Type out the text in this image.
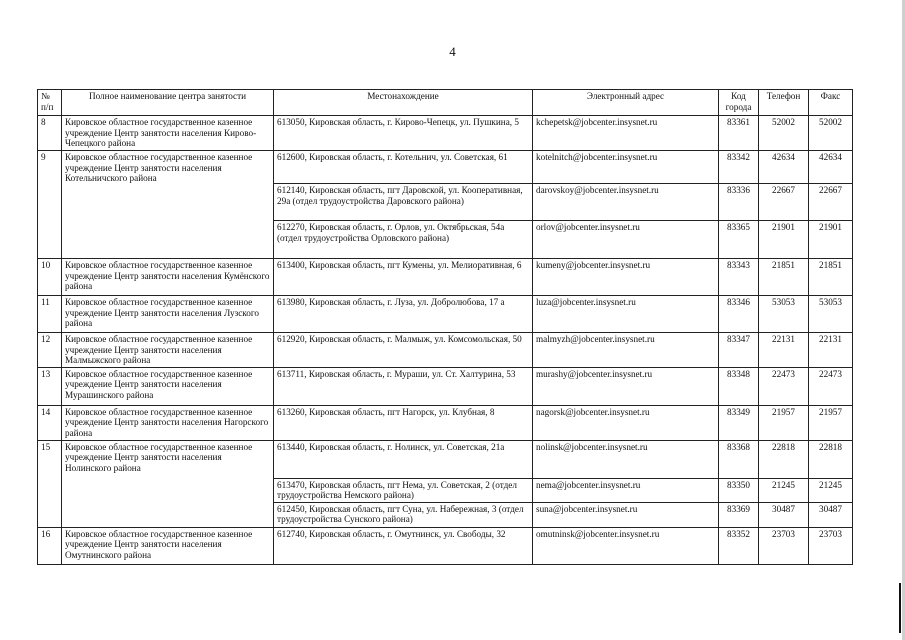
4
№ п/п	Полное наименование центра занятости	Местонахождение	Электронный адрес	Код города	Телефон	Факс
8	Кировское областное государственное казенное учреждение Центр занятости населения Кирово-Чепецкого района	613050, Кировская область, г. Кирово-Чепецк, ул. Пушкина, 5	kchepetsk@jobcenter.insysnet.ru	83361	52002	52002
9	Кировское областное государственное казенное учреждение Центр занятости населения Котельничского района	612600, Кировская область, г. Котельнич, ул. Советская, 61	kotelnitch@jobcenter.insysnet.ru	83342	42634	42634
		612140, Кировская область, пгт Даровской, ул. Кооперативная, 29а (отдел трудоустройства Даровского района)	darovskoy@jobcenter.insysnet.ru	83336	22667	22667
		612270, Кировская область, г. Орлов, ул. Октябрьская, 54а (отдел трудоустройства Орловского района)	orlov@jobcenter.insysnet.ru	83365	21901	21901
10	Кировское областное государственное казенное учреждение Центр занятости населения Кумёнского района	613400, Кировская область, пгт Кумены, ул. Мелиоративная, 6	kumeny@jobcenter.insysnet.ru	83343	21851	21851
11	Кировское областное государственное казенное учреждение Центр занятости населения Лузского района	613980, Кировская область, г. Луза, ул. Добролюбова, 17 а	luza@jobcenter.insysnet.ru	83346	53053	53053
12	Кировское областное государственное казенное учреждение Центр занятости населения Малмыжского района	612920, Кировская область, г. Малмыж, ул. Комсомольская, 50	malmyzh@jobcenter.insysnet.ru	83347	22131	22131
13	Кировское областное государственное казенное учреждение Центр занятости населения Мурашинского района	613711, Кировская область, г. Мураши, ул. Ст. Халтурина, 53	murashy@jobcenter.insysnet.ru	83348	22473	22473
14	Кировское областное государственное казенное учреждение Центр занятости населения Нагорского района	613260, Кировская область, пгт Нагорск, ул. Клубная, 8	nagorsk@jobcenter.insysnet.ru	83349	21957	21957
15	Кировское областное государственное казенное учреждение Центр занятости населения Нолинского района	613440, Кировская область, г. Нолинск, ул. Советская, 21а	nolinsk@jobcenter.insysnet.ru	83368	22818	22818
		613470, Кировская область, пгт Нема, ул. Советская, 2 (отдел трудоустройства Немского района)	nema@jobcenter.insysnet.ru	83350	21245	21245
		612450, Кировская область, пгт Суна, ул. Набережная, 3 (отдел трудоустройства Сунского района)	suna@jobcenter.insysnet.ru	83369	30487	30487
16	Кировское областное государственное казенное учреждение Центр занятости населения Омутнинского района	612740, Кировская область, г. Омутнинск, ул. Свободы, 32	omutninsk@jobcenter.insysnet.ru	83352	23703	23703
